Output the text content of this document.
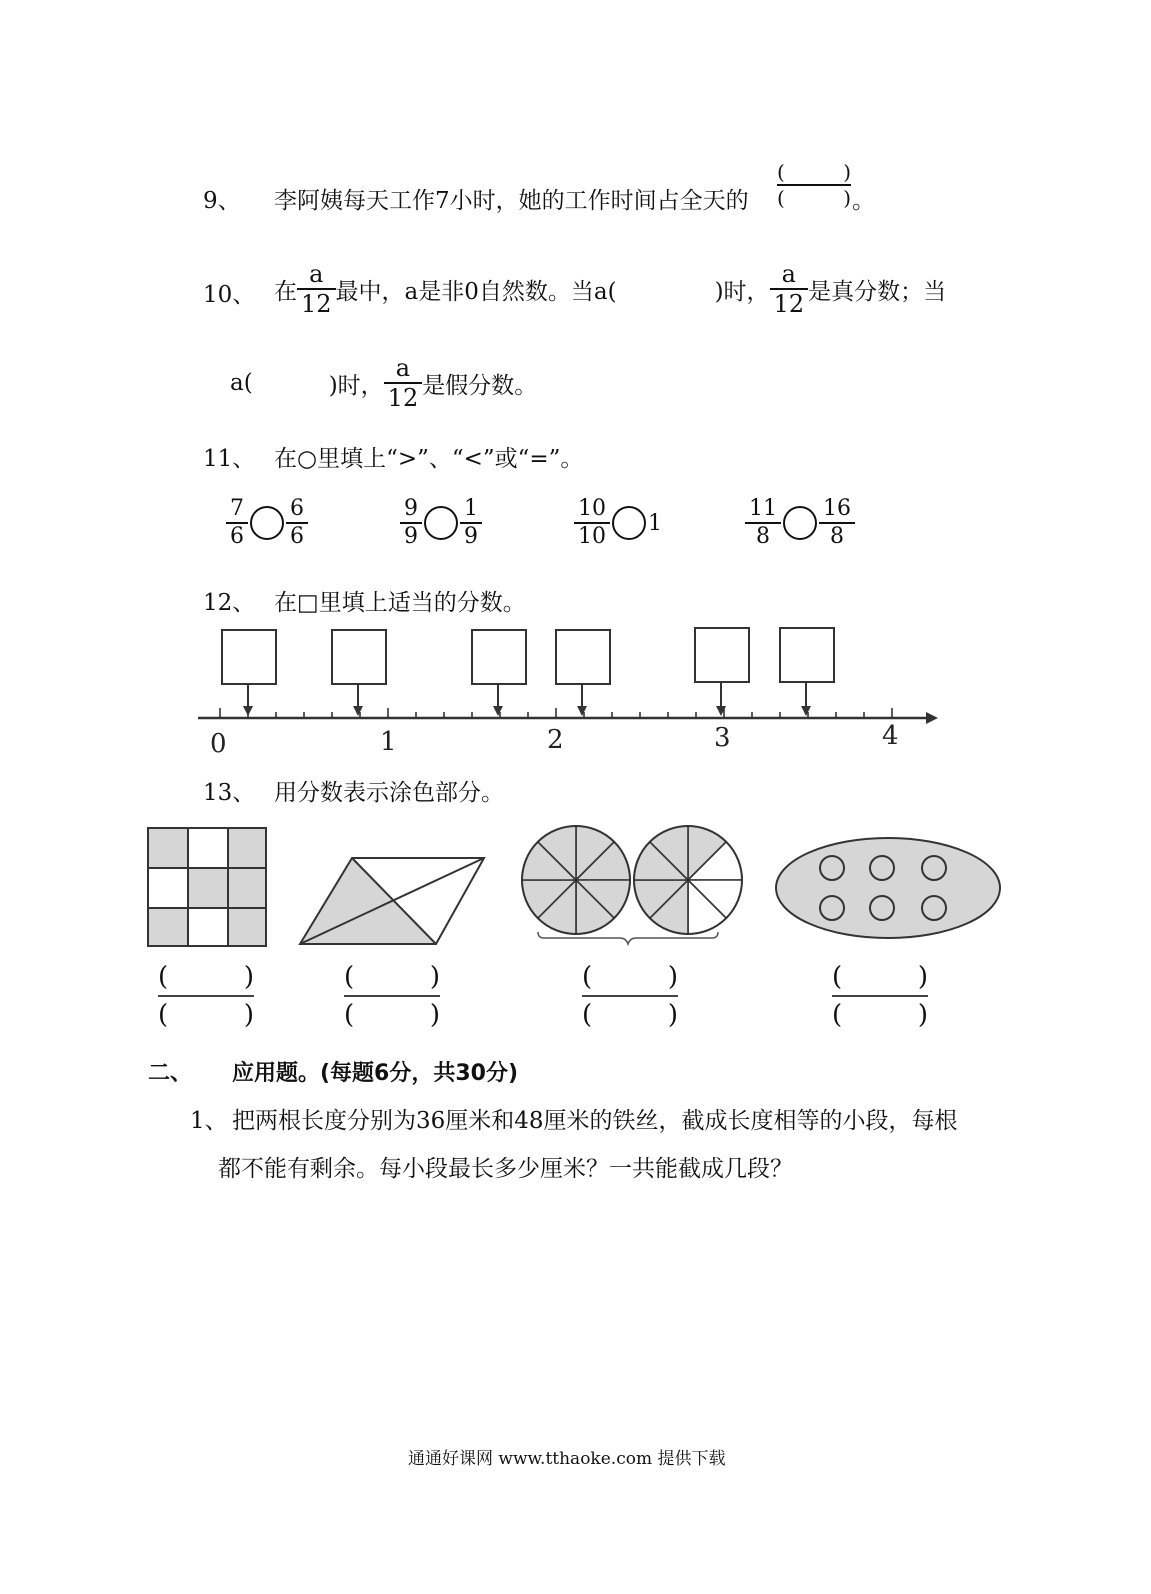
9、 李阿姨每天工作7小时，她的工作时间占全天的
(	)
(	) 。
10、 在 $\frac{a}{12}$ 最中，a是非0自然数。当a(	)时， $\frac{a}{12}$ 是真分数；当
a(	)时， $\frac{a}{12}$ 是假分数。
11、 在○里填上“>”、“<”或“=”。
$\frac{7}{6} \frac{6}{6}$	$\frac{9}{9} \frac{1}{9}$	$\frac{10}{10} 1$	$\frac{11}{8} \frac{16}{8}$
12、 在□里填上适当的分数。
0	1	2	3	4
13、 用分数表示涂色部分。
(	)
(	)
(	)
(	)
(	)
(	)
(	)
(	)
二、 应用题。(每题6分，共30分)
1、 把两根长度分别为36厘米和48厘米的铁丝，截成长度相等的小段，每根
都不能有剩余。每小段最长多少厘米？一共能截成几段？
通通好课网 www.tthaoke.com 提供下载
